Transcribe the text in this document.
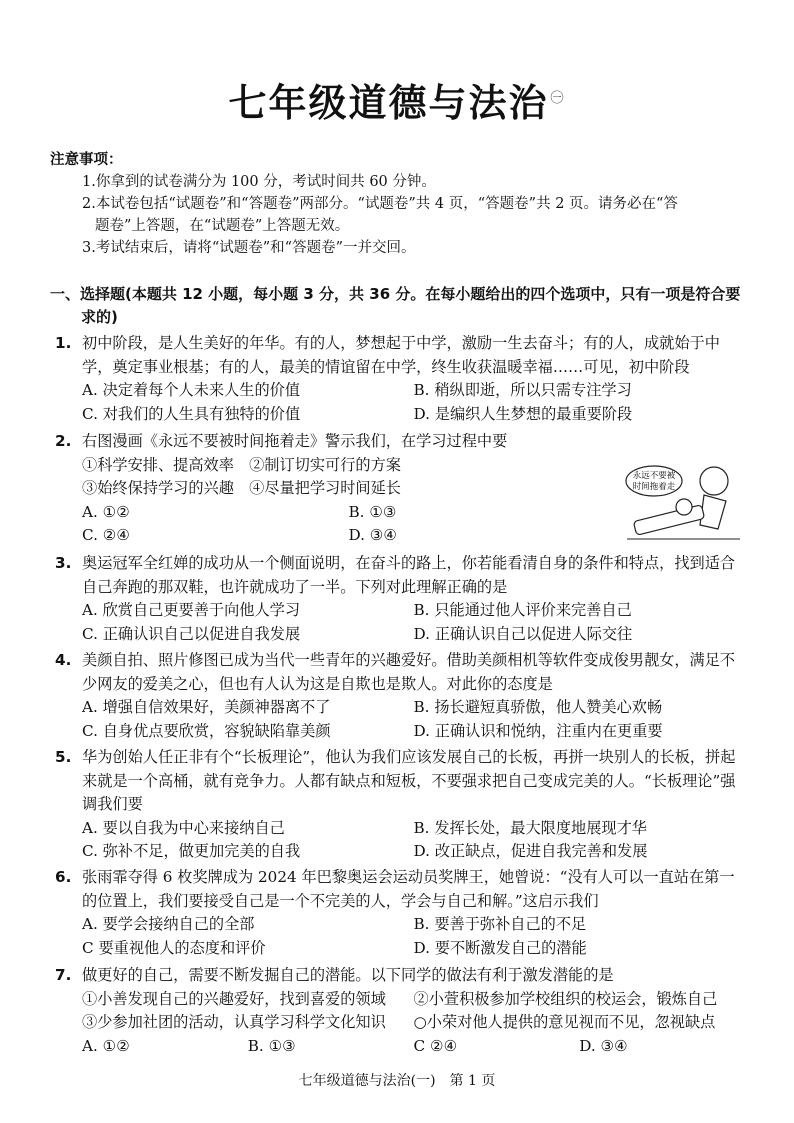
七年级道德与法治 $^㊀$
注意事项：
1.你拿到的试卷满分为 100 分，考试时间共 60 分钟。
2.本试卷包括“试题卷”和“答题卷”两部分。“试题卷”共 4 页，“答题卷”共 2 页。请务必在“答
题卷”上答题，在“试题卷”上答题无效。
3.考试结束后，请将“试题卷”和“答题卷”一并交回。
一、选择题(本题共 12 小题，每小题 3 分，共 36 分。在每小题给出的四个选项中，只有一项是符合要
求的)
1. 初中阶段，是人生美好的年华。有的人，梦想起于中学，激励一生去奋斗；有的人，成就始于中学，奠定事业根基；有的人，最美的情谊留在中学，终生收获温暖幸福……可见，初中阶段
A. 决定着每个人未来人生的价值	B. 稍纵即逝，所以只需专注学习
C. 对我们的人生具有独特的价值	D. 是编织人生梦想的最重要阶段
2. 右图漫画《永远不要被时间拖着走》警示我们，在学习过程中要
①科学安排、提高效率　②制订切实可行的方案
③始终保持学习的兴趣　④尽量把学习时间延长
A. ①②	B. ①③
C. ②④	D. ③④
永远不要被
时间拖着走
3. 奥运冠军全红婵的成功从一个侧面说明，在奋斗的路上，你若能看清自身的条件和特点，找到适合自己奔跑的那双鞋，也许就成功了一半。下列对此理解正确的是
A. 欣赏自己更要善于向他人学习	B. 只能通过他人评价来完善自己
C. 正确认识自己以促进自我发展	D. 正确认识自己以促进人际交往
4. 美颜自拍、照片修图已成为当代一些青年的兴趣爱好。借助美颜相机等软件变成俊男靓女，满足不少网友的爱美之心，但也有人认为这是自欺也是欺人。对此你的态度是
A. 增强自信效果好，美颜神器离不了	B. 扬长避短真骄傲，他人赞美心欢畅
C. 自身优点要欣赏，容貌缺陷靠美颜	D. 正确认识和悦纳，注重内在更重要
5. 华为创始人任正非有个“长板理论”，他认为我们应该发展自己的长板，再拼一块别人的长板，拼起来就是一个高桶，就有竞争力。人都有缺点和短板，不要强求把自己变成完美的人。“长板理论”强调我们要
A. 要以自我为中心来接纳自己	B. 发挥长处，最大限度地展现才华
C. 弥补不足，做更加完美的自我	D. 改正缺点，促进自我完善和发展
6. 张雨霏夺得 6 枚奖牌成为 2024 年巴黎奥运会运动员奖牌王，她曾说：“没有人可以一直站在第一的位置上，我们要接受自己是一个不完美的人，学会与自己和解。”这启示我们
A. 要学会接纳自己的全部	B. 要善于弥补自己的不足
C 要重视他人的态度和评价	D. 要不断激发自己的潜能
7. 做更好的自己，需要不断发掘自己的潜能。以下同学的做法有利于激发潜能的是
①小善发现自己的兴趣爱好，找到喜爱的领域	②小萱积极参加学校组织的校运会，锻炼自己
③少参加社团的活动，认真学习科学文化知识	○小荣对他人提供的意见视而不见，忽视缺点
A. ①②	B. ①③	C ②④	D. ③④
七年级道德与法治(一)　第 1 页
